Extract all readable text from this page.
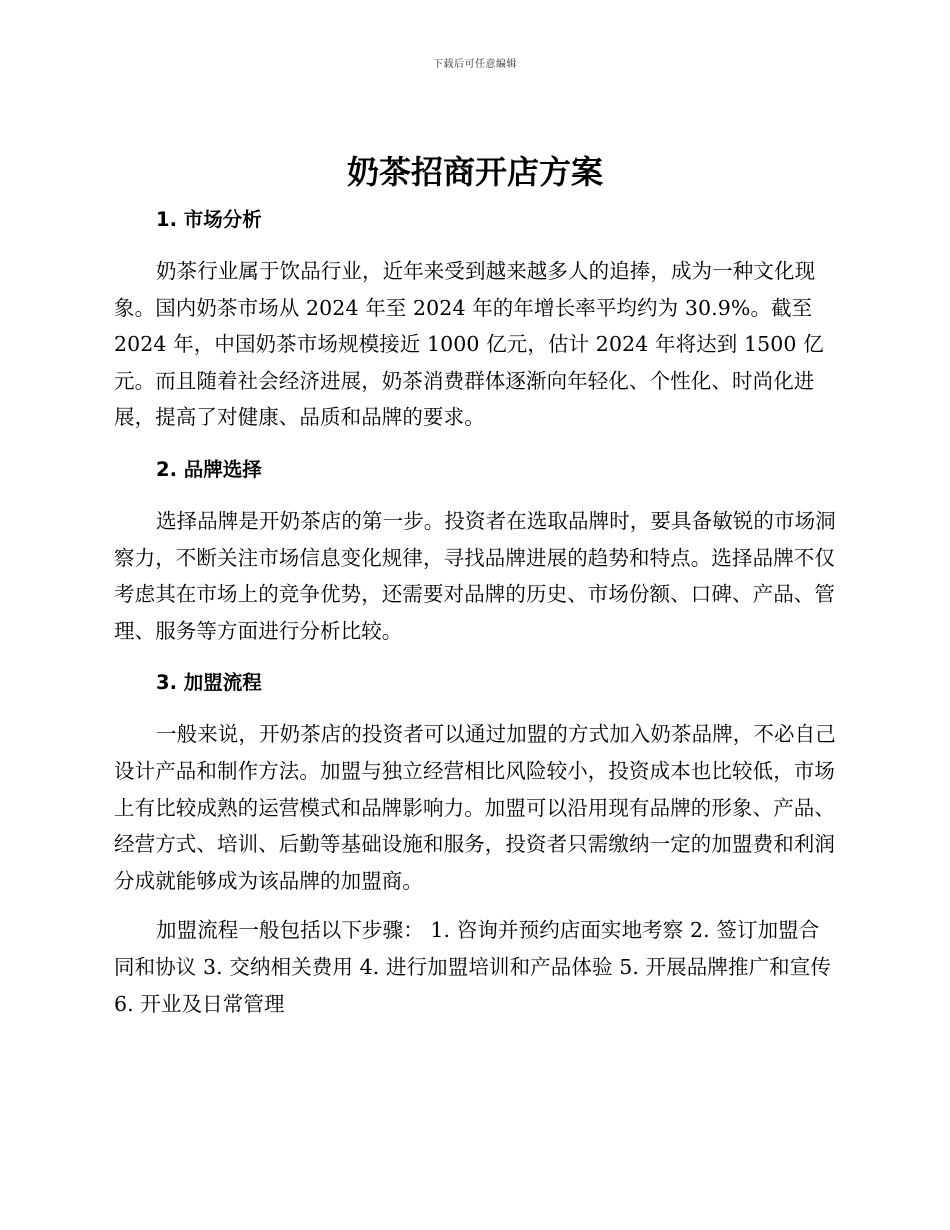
下载后可任意编辑
奶茶招商开店方案
1. 市场分析

奶茶行业属于饮品行业，近年来受到越来越多人的追捧，成为一种文化现象。国内奶茶市场从 2024 年至 2024 年的年增长率平均约为 30.9%。截至 2024 年，中国奶茶市场规模接近 1000 亿元，估计 2024 年将达到 1500 亿元。而且随着社会经济进展，奶茶消费群体逐渐向年轻化、个性化、时尚化进展，提高了对健康、品质和品牌的要求。

2. 品牌选择

选择品牌是开奶茶店的第一步。投资者在选取品牌时，要具备敏锐的市场洞察力，不断关注市场信息变化规律，寻找品牌进展的趋势和特点。选择品牌不仅考虑其在市场上的竞争优势，还需要对品牌的历史、市场份额、口碑、产品、管理、服务等方面进行分析比较。

3. 加盟流程

一般来说，开奶茶店的投资者可以通过加盟的方式加入奶茶品牌，不必自己设计产品和制作方法。加盟与独立经营相比风险较小，投资成本也比较低，市场上有比较成熟的运营模式和品牌影响力。加盟可以沿用现有品牌的形象、产品、经营方式、培训、后勤等基础设施和服务，投资者只需缴纳一定的加盟费和利润分成就能够成为该品牌的加盟商。

加盟流程一般包括以下步骤： 1. 咨询并预约店面实地考察 2. 签订加盟合同和协议 3. 交纳相关费用 4. 进行加盟培训和产品体验 5. 开展品牌推广和宣传 6. 开业及日常管理
